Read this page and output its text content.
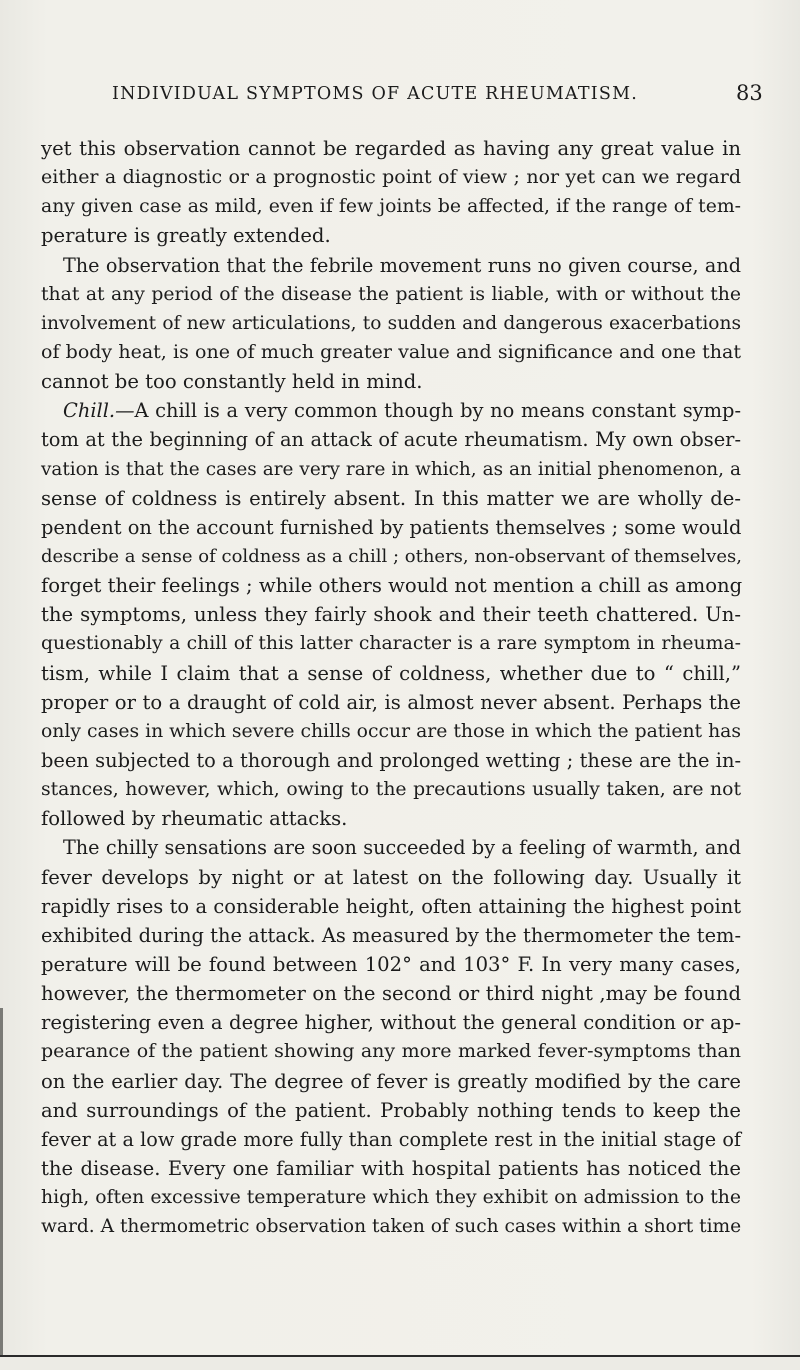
INDIVIDUAL SYMPTOMS OF ACUTE RHEUMATISM.	83
yet this observation cannot be regarded as having any great value in
either a diagnostic or a prognostic point of view ; nor yet can we regard
any given case as mild, even if few joints be affected, if the range of tem-
perature is greatly extended.
The observation that the febrile movement runs no given course, and
that at any period of the disease the patient is liable, with or without the
involvement of new articulations, to sudden and dangerous exacerbations
of body heat, is one of much greater value and significance and one that
cannot be too constantly held in mind.
Chill.—A chill is a very common though by no means constant symp-
tom at the beginning of an attack of acute rheumatism. My own obser-
vation is that the cases are very rare in which, as an initial phenomenon, a
sense of coldness is entirely absent. In this matter we are wholly de-
pendent on the account furnished by patients themselves ; some would
describe a sense of coldness as a chill ; others, non-observant of themselves,
forget their feelings ; while others would not mention a chill as among
the symptoms, unless they fairly shook and their teeth chattered. Un-
questionably a chill of this latter character is a rare symptom in rheuma-
tism, while I claim that a sense of coldness, whether due to “ chill,”
proper or to a draught of cold air, is almost never absent. Perhaps the
only cases in which severe chills occur are those in which the patient has
been subjected to a thorough and prolonged wetting ; these are the in-
stances, however, which, owing to the precautions usually taken, are not
followed by rheumatic attacks.
The chilly sensations are soon succeeded by a feeling of warmth, and
fever develops by night or at latest on the following day. Usually it
rapidly rises to a considerable height, often attaining the highest point
exhibited during the attack. As measured by the thermometer the tem-
perature will be found between 102° and 103° F. In very many cases,
however, the thermometer on the second or third night ,may be found
registering even a degree higher, without the general condition or ap-
pearance of the patient showing any more marked fever-symptoms than
on the earlier day. The degree of fever is greatly modified by the care
and surroundings of the patient. Probably nothing tends to keep the
fever at a low grade more fully than complete rest in the initial stage of
the disease. Every one familiar with hospital patients has noticed the
high, often excessive temperature which they exhibit on admission to the
ward. A thermometric observation taken of such cases within a short time
